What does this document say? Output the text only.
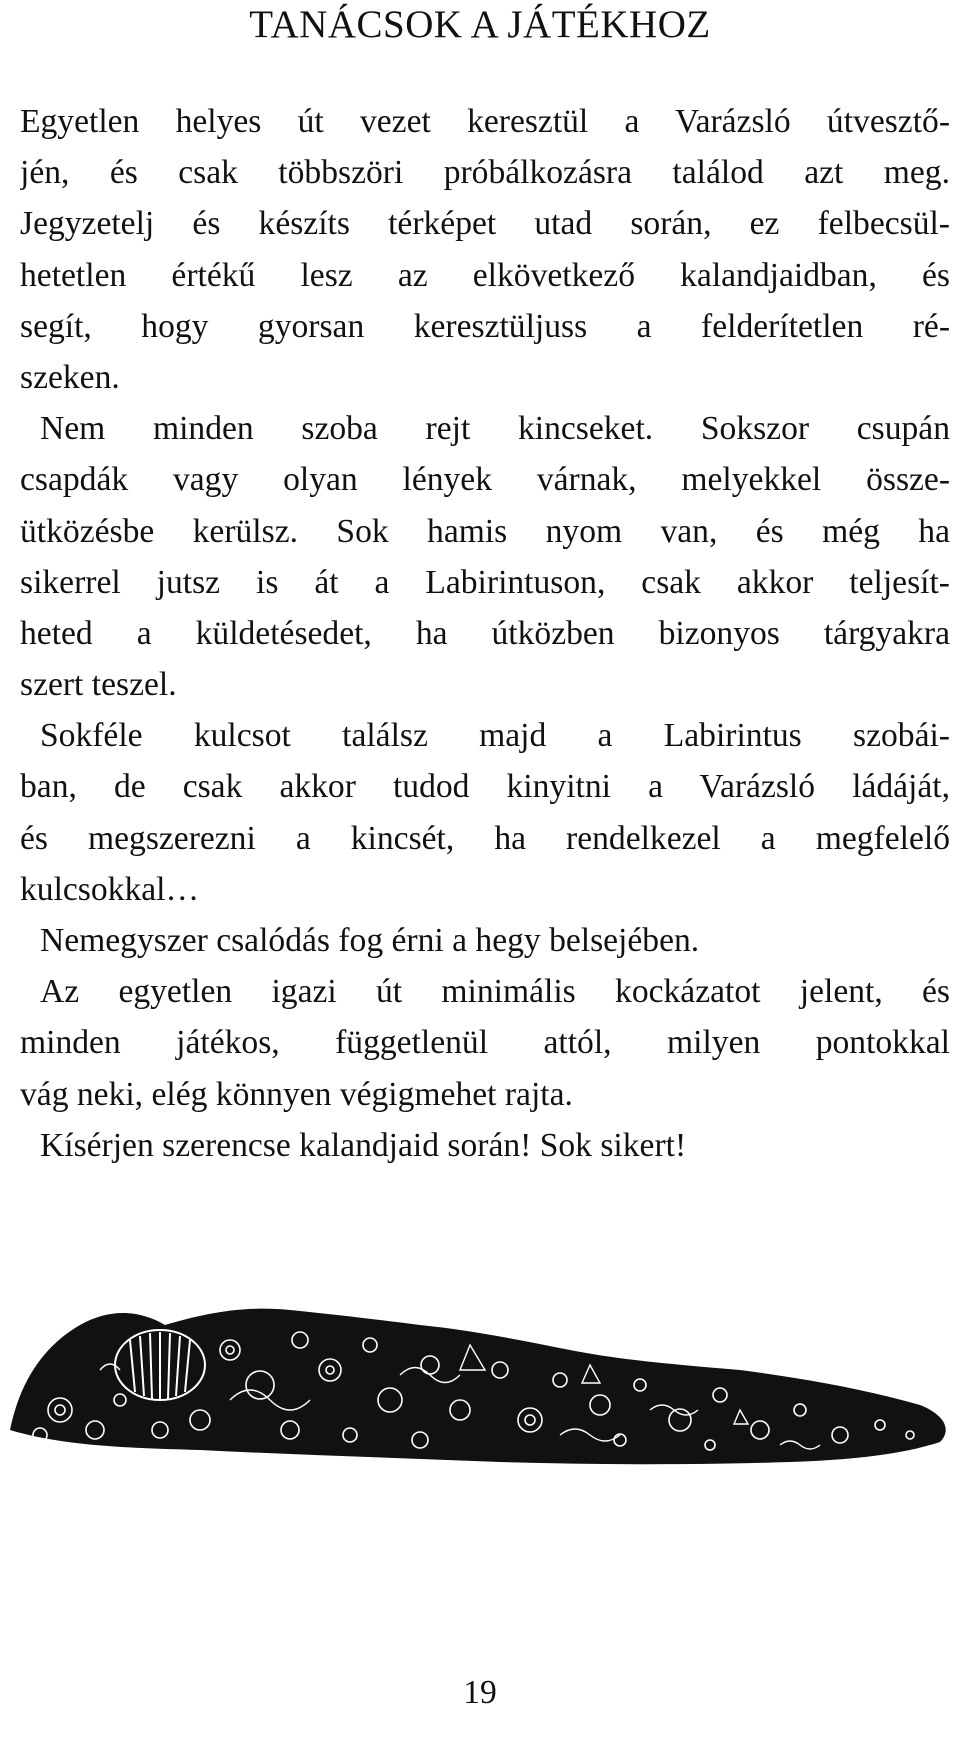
TANÁCSOK A JÁTÉKHOZ
Egyetlen helyes út vezet keresztül a Varázsló útvesztő-
jén, és csak többszöri próbálkozásra találod azt meg.
Jegyzetelj és készíts térképet utad során, ez felbecsül-
hetetlen értékű lesz az elkövetkező kalandjaidban, és
segít, hogy gyorsan keresztüljuss a felderítetlen ré-
szeken.
Nem minden szoba rejt kincseket. Sokszor csupán
csapdák vagy olyan lények várnak, melyekkel össze-
ütközésbe kerülsz. Sok hamis nyom van, és még ha
sikerrel jutsz is át a Labirintuson, csak akkor teljesít-
heted a küldetésedet, ha útközben bizonyos tárgyakra
szert teszel.
Sokféle kulcsot találsz majd a Labirintus szobái-
ban, de csak akkor tudod kinyitni a Varázsló ládáját,
és megszerezni a kincsét, ha rendelkezel a megfelelő
kulcsokkal…
Nemegyszer csalódás fog érni a hegy belsejében.
Az egyetlen igazi út minimális kockázatot jelent, és
minden játékos, függetlenül attól, milyen pontokkal
vág neki, elég könnyen végigmehet rajta.
Kísérjen szerencse kalandjaid során! Sok sikert!
19
